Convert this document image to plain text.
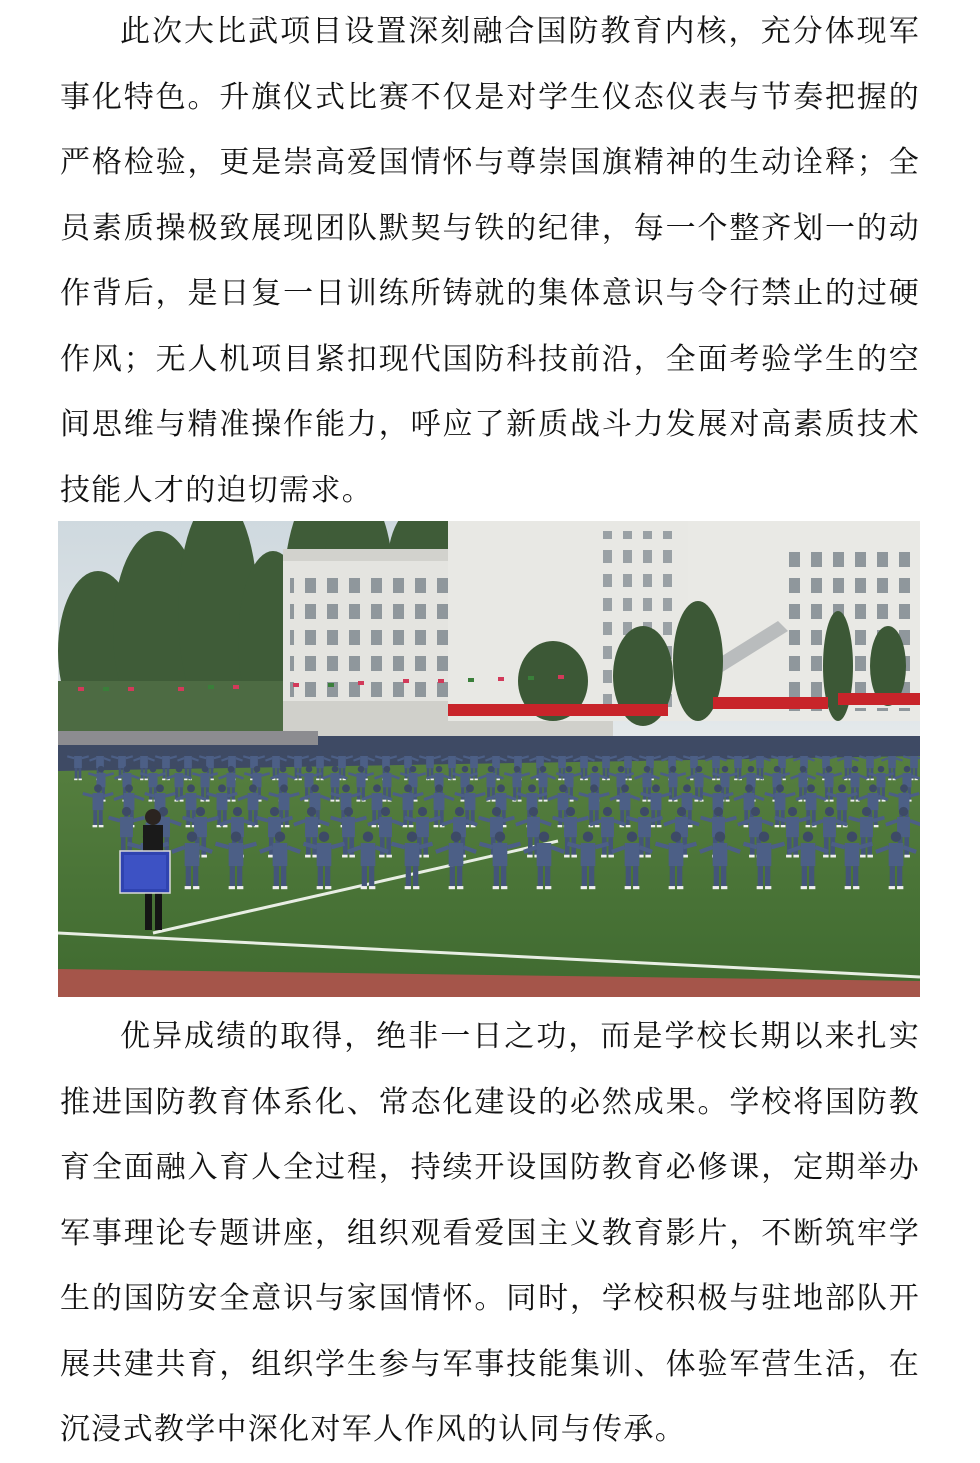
此次大比武项目设置深刻融合国防教育内核，充分体现军事化特色。升旗仪式比赛不仅是对学生仪态仪表与节奏把握的严格检验，更是崇高爱国情怀与尊崇国旗精神的生动诠释；全员素质操极致展现团队默契与铁的纪律，每一个整齐划一的动作背后，是日复一日训练所铸就的集体意识与令行禁止的过硬作风；无人机项目紧扣现代国防科技前沿，全面考验学生的空间思维与精准操作能力，呼应了新质战斗力发展对高素质技术技能人才的迫切需求。

优异成绩的取得，绝非一日之功，而是学校长期以来扎实推进国防教育体系化、常态化建设的必然成果。学校将国防教育全面融入育人全过程，持续开设国防教育必修课，定期举办军事理论专题讲座，组织观看爱国主义教育影片，不断筑牢学生的国防安全意识与家国情怀。同时，学校积极与驻地部队开展共建共育，组织学生参与军事技能集训、体验军营生活，在沉浸式教学中深化对军人作风的认同与传承。
